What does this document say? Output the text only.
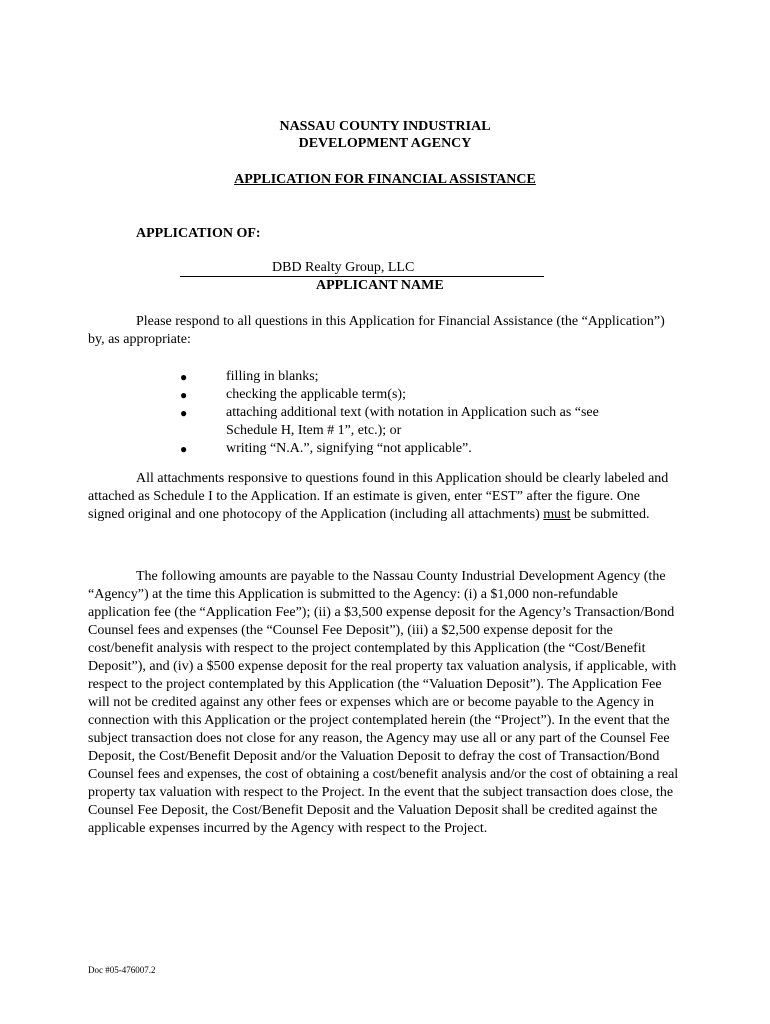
NASSAU COUNTY INDUSTRIAL
DEVELOPMENT AGENCY
APPLICATION FOR FINANCIAL ASSISTANCE
APPLICATION OF:
DBD Realty Group, LLC
APPLICANT NAME
Please respond to all questions in this Application for Financial Assistance (the “Application”) by, as appropriate:
●	filling in blanks;
●	checking the applicable term(s);
●	attaching additional text (with notation in Application such as “see Schedule H, Item # 1”, etc.); or
●	writing “N.A.”, signifying “not applicable”.
All attachments responsive to questions found in this Application should be clearly labeled and attached as Schedule I to the Application. If an estimate is given, enter “EST” after the figure. One signed original and one photocopy of the Application (including all attachments) must be submitted.
The following amounts are payable to the Nassau County Industrial Development Agency (the “Agency”) at the time this Application is submitted to the Agency: (i) a $1,000 non-refundable application fee (the “Application Fee”); (ii) a $3,500 expense deposit for the Agency’s Transaction/Bond Counsel fees and expenses (the “Counsel Fee Deposit”), (iii) a $2,500 expense deposit for the cost/benefit analysis with respect to the project contemplated by this Application (the “Cost/Benefit Deposit”), and (iv) a $500 expense deposit for the real property tax valuation analysis, if applicable, with respect to the project contemplated by this Application (the “Valuation Deposit”). The Application Fee will not be credited against any other fees or expenses which are or become payable to the Agency in connection with this Application or the project contemplated herein (the “Project”). In the event that the subject transaction does not close for any reason, the Agency may use all or any part of the Counsel Fee Deposit, the Cost/Benefit Deposit and/or the Valuation Deposit to defray the cost of Transaction/Bond Counsel fees and expenses, the cost of obtaining a cost/benefit analysis and/or the cost of obtaining a real property tax valuation with respect to the Project. In the event that the subject transaction does close, the Counsel Fee Deposit, the Cost/Benefit Deposit and the Valuation Deposit shall be credited against the applicable expenses incurred by the Agency with respect to the Project.
Doc #05-476007.2
